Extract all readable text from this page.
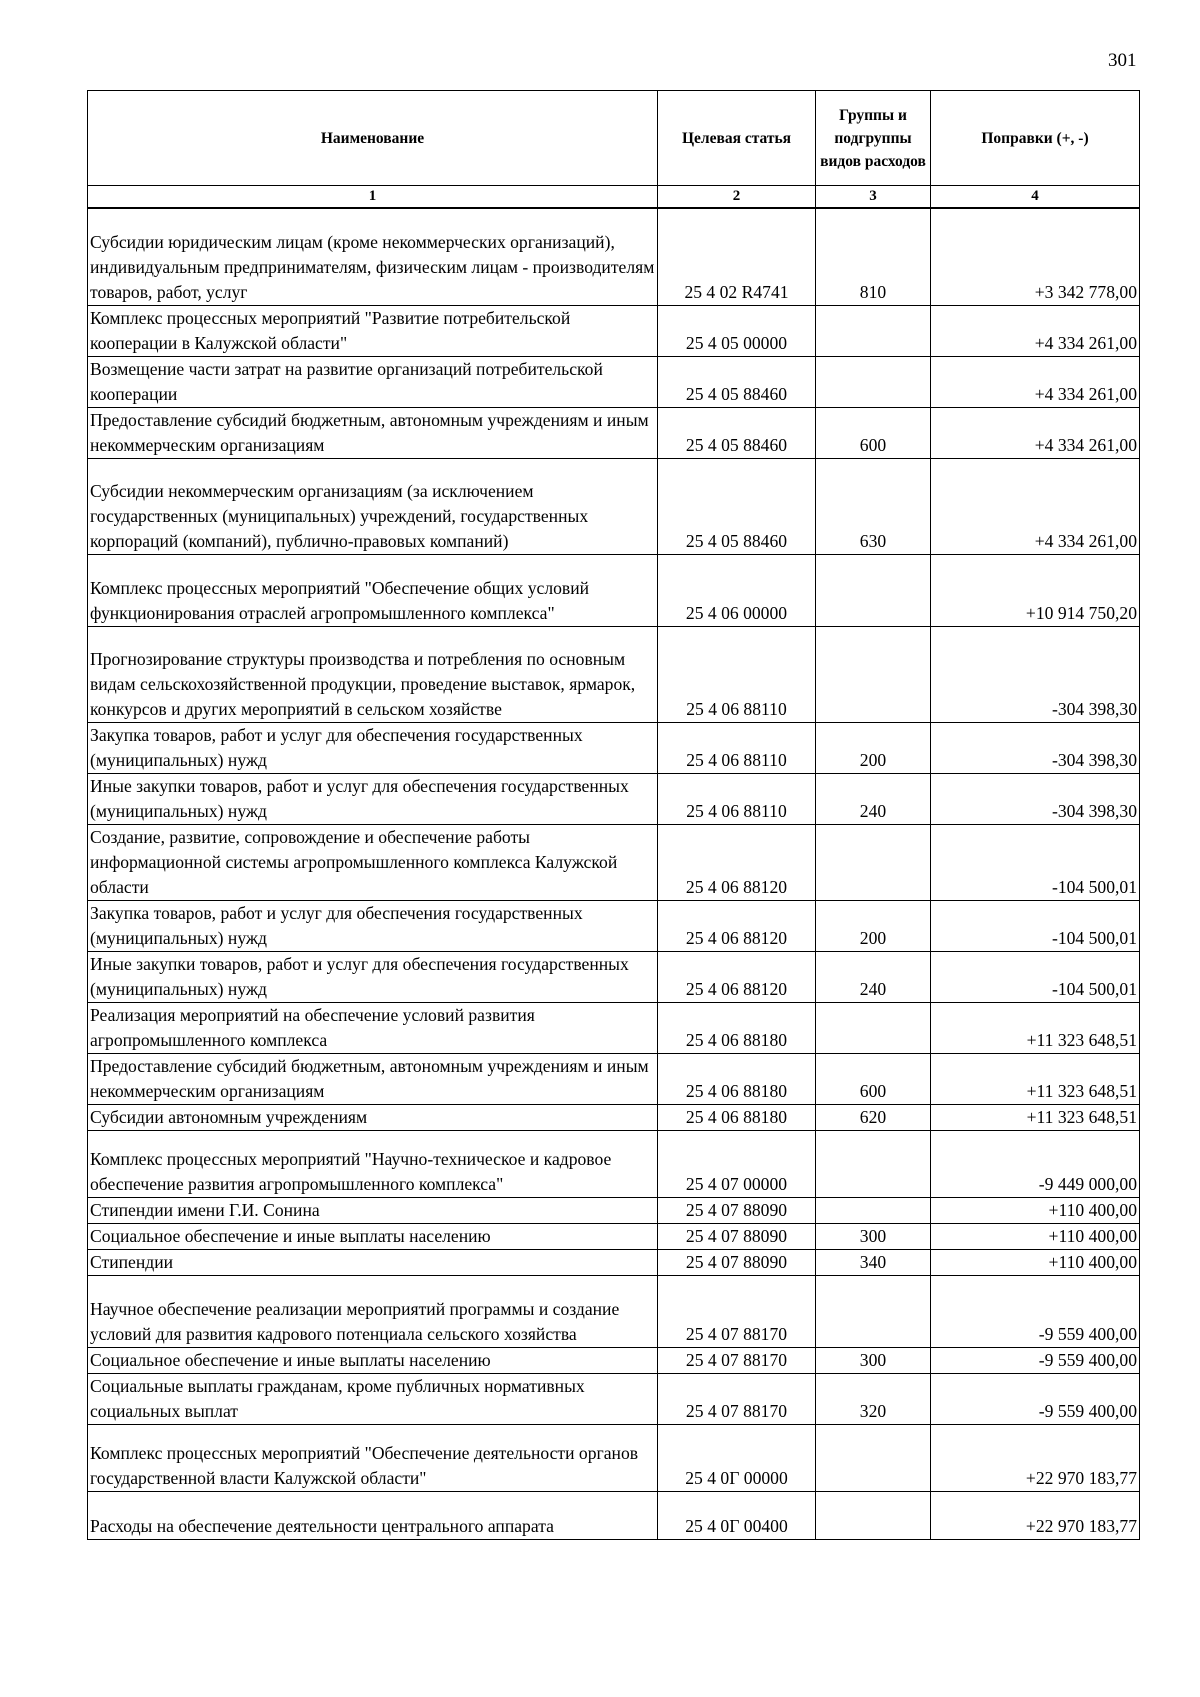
301
Наименование	Целевая статья	Группы и подгруппы видов расходов	Поправки (+, -)
1	2	3	4
Субсидии юридическим лицам (кроме некоммерческих организаций), индивидуальным предпринимателям, физическим лицам - производителям товаров, работ, услуг	25 4 02 R4741	810	+3 342 778,00
Комплекс процессных мероприятий "Развитие потребительской кооперации в Калужской области"	25 4 05 00000		+4 334 261,00
Возмещение части затрат на развитие организаций потребительской кооперации	25 4 05 88460		+4 334 261,00
Предоставление субсидий бюджетным, автономным учреждениям и иным некоммерческим организациям	25 4 05 88460	600	+4 334 261,00
Субсидии некоммерческим организациям (за исключением государственных (муниципальных) учреждений, государственных корпораций (компаний), публично-правовых компаний)	25 4 05 88460	630	+4 334 261,00
Комплекс процессных мероприятий "Обеспечение общих условий функционирования отраслей агропромышленного комплекса"	25 4 06 00000		+10 914 750,20
Прогнозирование структуры производства и потребления по основным видам сельскохозяйственной продукции, проведение выставок, ярмарок, конкурсов и других мероприятий в сельском хозяйстве	25 4 06 88110		-304 398,30
Закупка товаров, работ и услуг для обеспечения государственных (муниципальных) нужд	25 4 06 88110	200	-304 398,30
Иные закупки товаров, работ и услуг для обеспечения государственных (муниципальных) нужд	25 4 06 88110	240	-304 398,30
Создание, развитие, сопровождение и обеспечение работы информационной системы агропромышленного комплекса Калужской области	25 4 06 88120		-104 500,01
Закупка товаров, работ и услуг для обеспечения государственных (муниципальных) нужд	25 4 06 88120	200	-104 500,01
Иные закупки товаров, работ и услуг для обеспечения государственных (муниципальных) нужд	25 4 06 88120	240	-104 500,01
Реализация мероприятий на обеспечение условий развития агропромышленного комплекса	25 4 06 88180		+11 323 648,51
Предоставление субсидий бюджетным, автономным учреждениям и иным некоммерческим организациям	25 4 06 88180	600	+11 323 648,51
Субсидии автономным учреждениям	25 4 06 88180	620	+11 323 648,51
Комплекс процессных мероприятий "Научно-техническое и кадровое обеспечение развития агропромышленного комплекса"	25 4 07 00000		-9 449 000,00
Стипендии имени Г.И. Сонина	25 4 07 88090		+110 400,00
Социальное обеспечение и иные выплаты населению	25 4 07 88090	300	+110 400,00
Стипендии	25 4 07 88090	340	+110 400,00
Научное обеспечение реализации мероприятий программы и создание условий для развития кадрового потенциала сельского хозяйства	25 4 07 88170		-9 559 400,00
Социальное обеспечение и иные выплаты населению	25 4 07 88170	300	-9 559 400,00
Социальные выплаты гражданам, кроме публичных нормативных социальных выплат	25 4 07 88170	320	-9 559 400,00
Комплекс процессных мероприятий "Обеспечение деятельности органов государственной власти Калужской области"	25 4 0Г 00000		+22 970 183,77
Расходы на обеспечение деятельности центрального аппарата	25 4 0Г 00400		+22 970 183,77
